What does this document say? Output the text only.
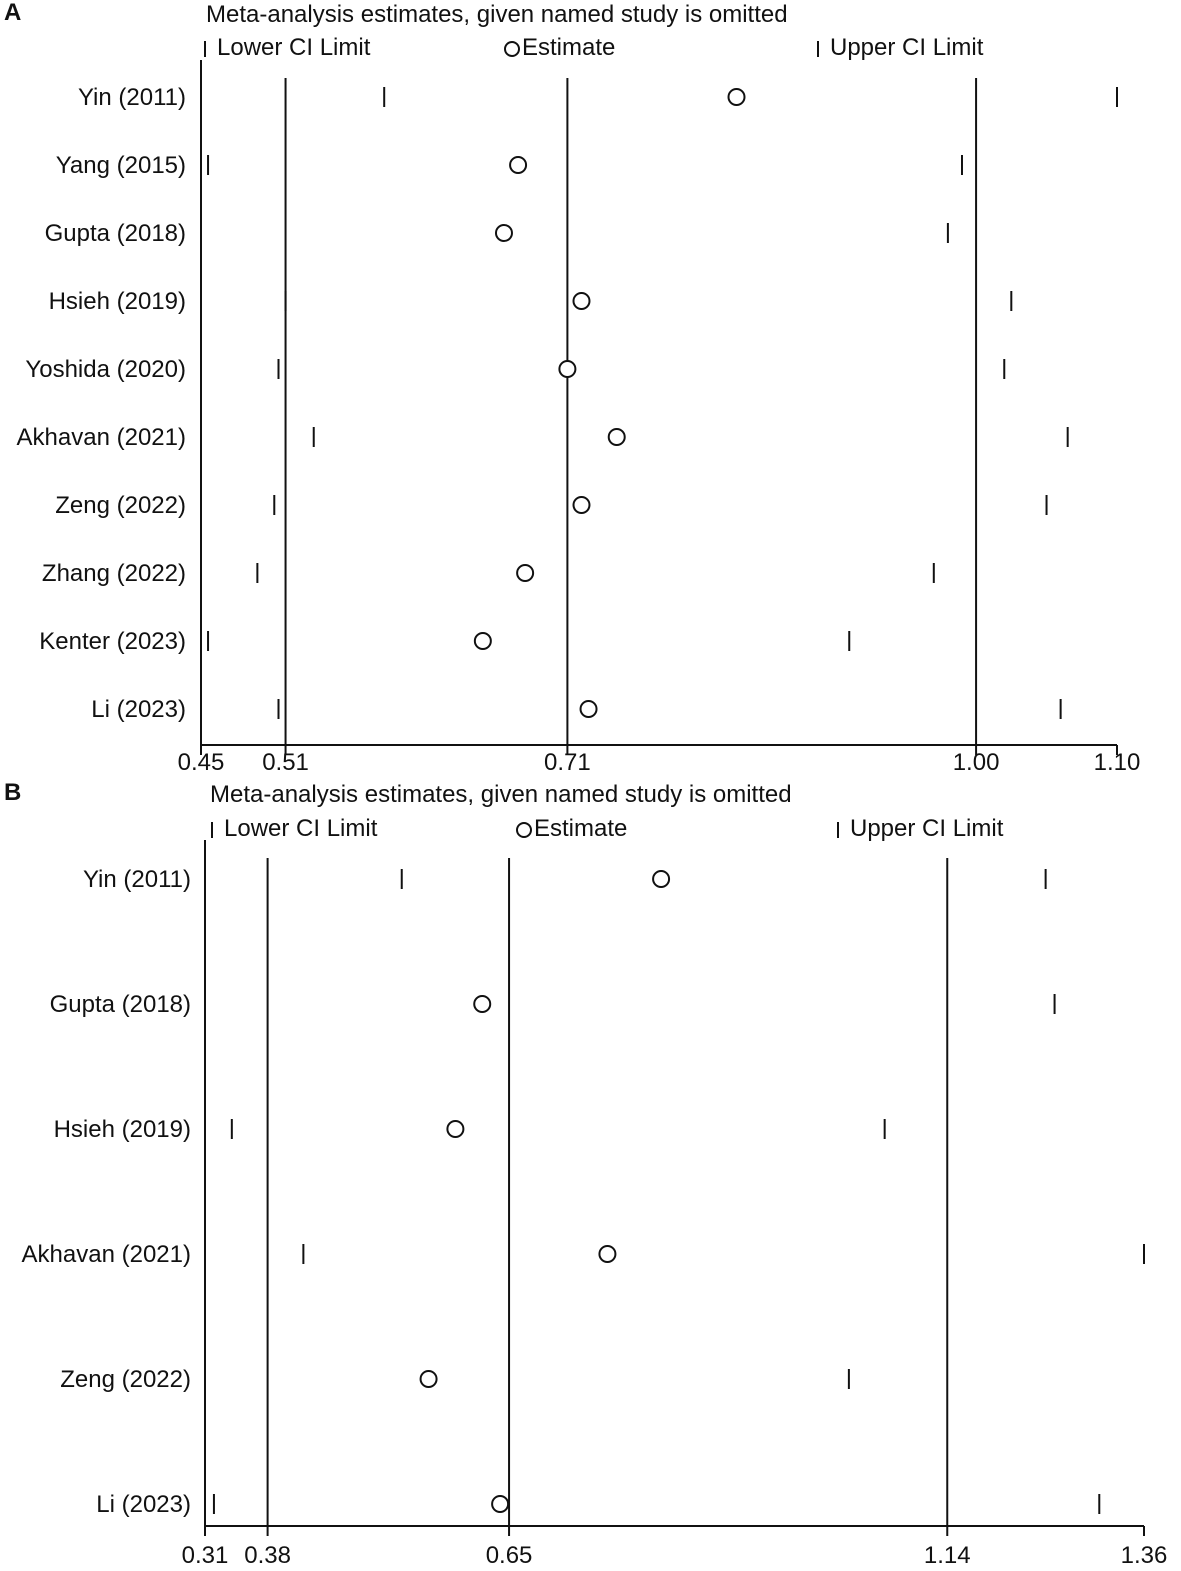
A	Meta-analysis estimates, given named study is omitted
Lower CI Limit	Estimate	Upper CI Limit
0.45 0.51	0.71	1.00	1.10
Yin (2011)
Yang (2015)
Gupta (2018)
Hsieh (2019)
Yoshida (2020)
Akhavan (2021)
Zeng (2022)
Zhang (2022)
Kenter (2023)
Li (2023)
B	Meta-analysis estimates, given named study is omitted
Lower CI Limit	Estimate	Upper CI Limit
0.31 0.38	0.65	1.14	1.36
Yin (2011)
Gupta (2018)
Hsieh (2019)
Akhavan (2021)
Zeng (2022)
Li (2023)
